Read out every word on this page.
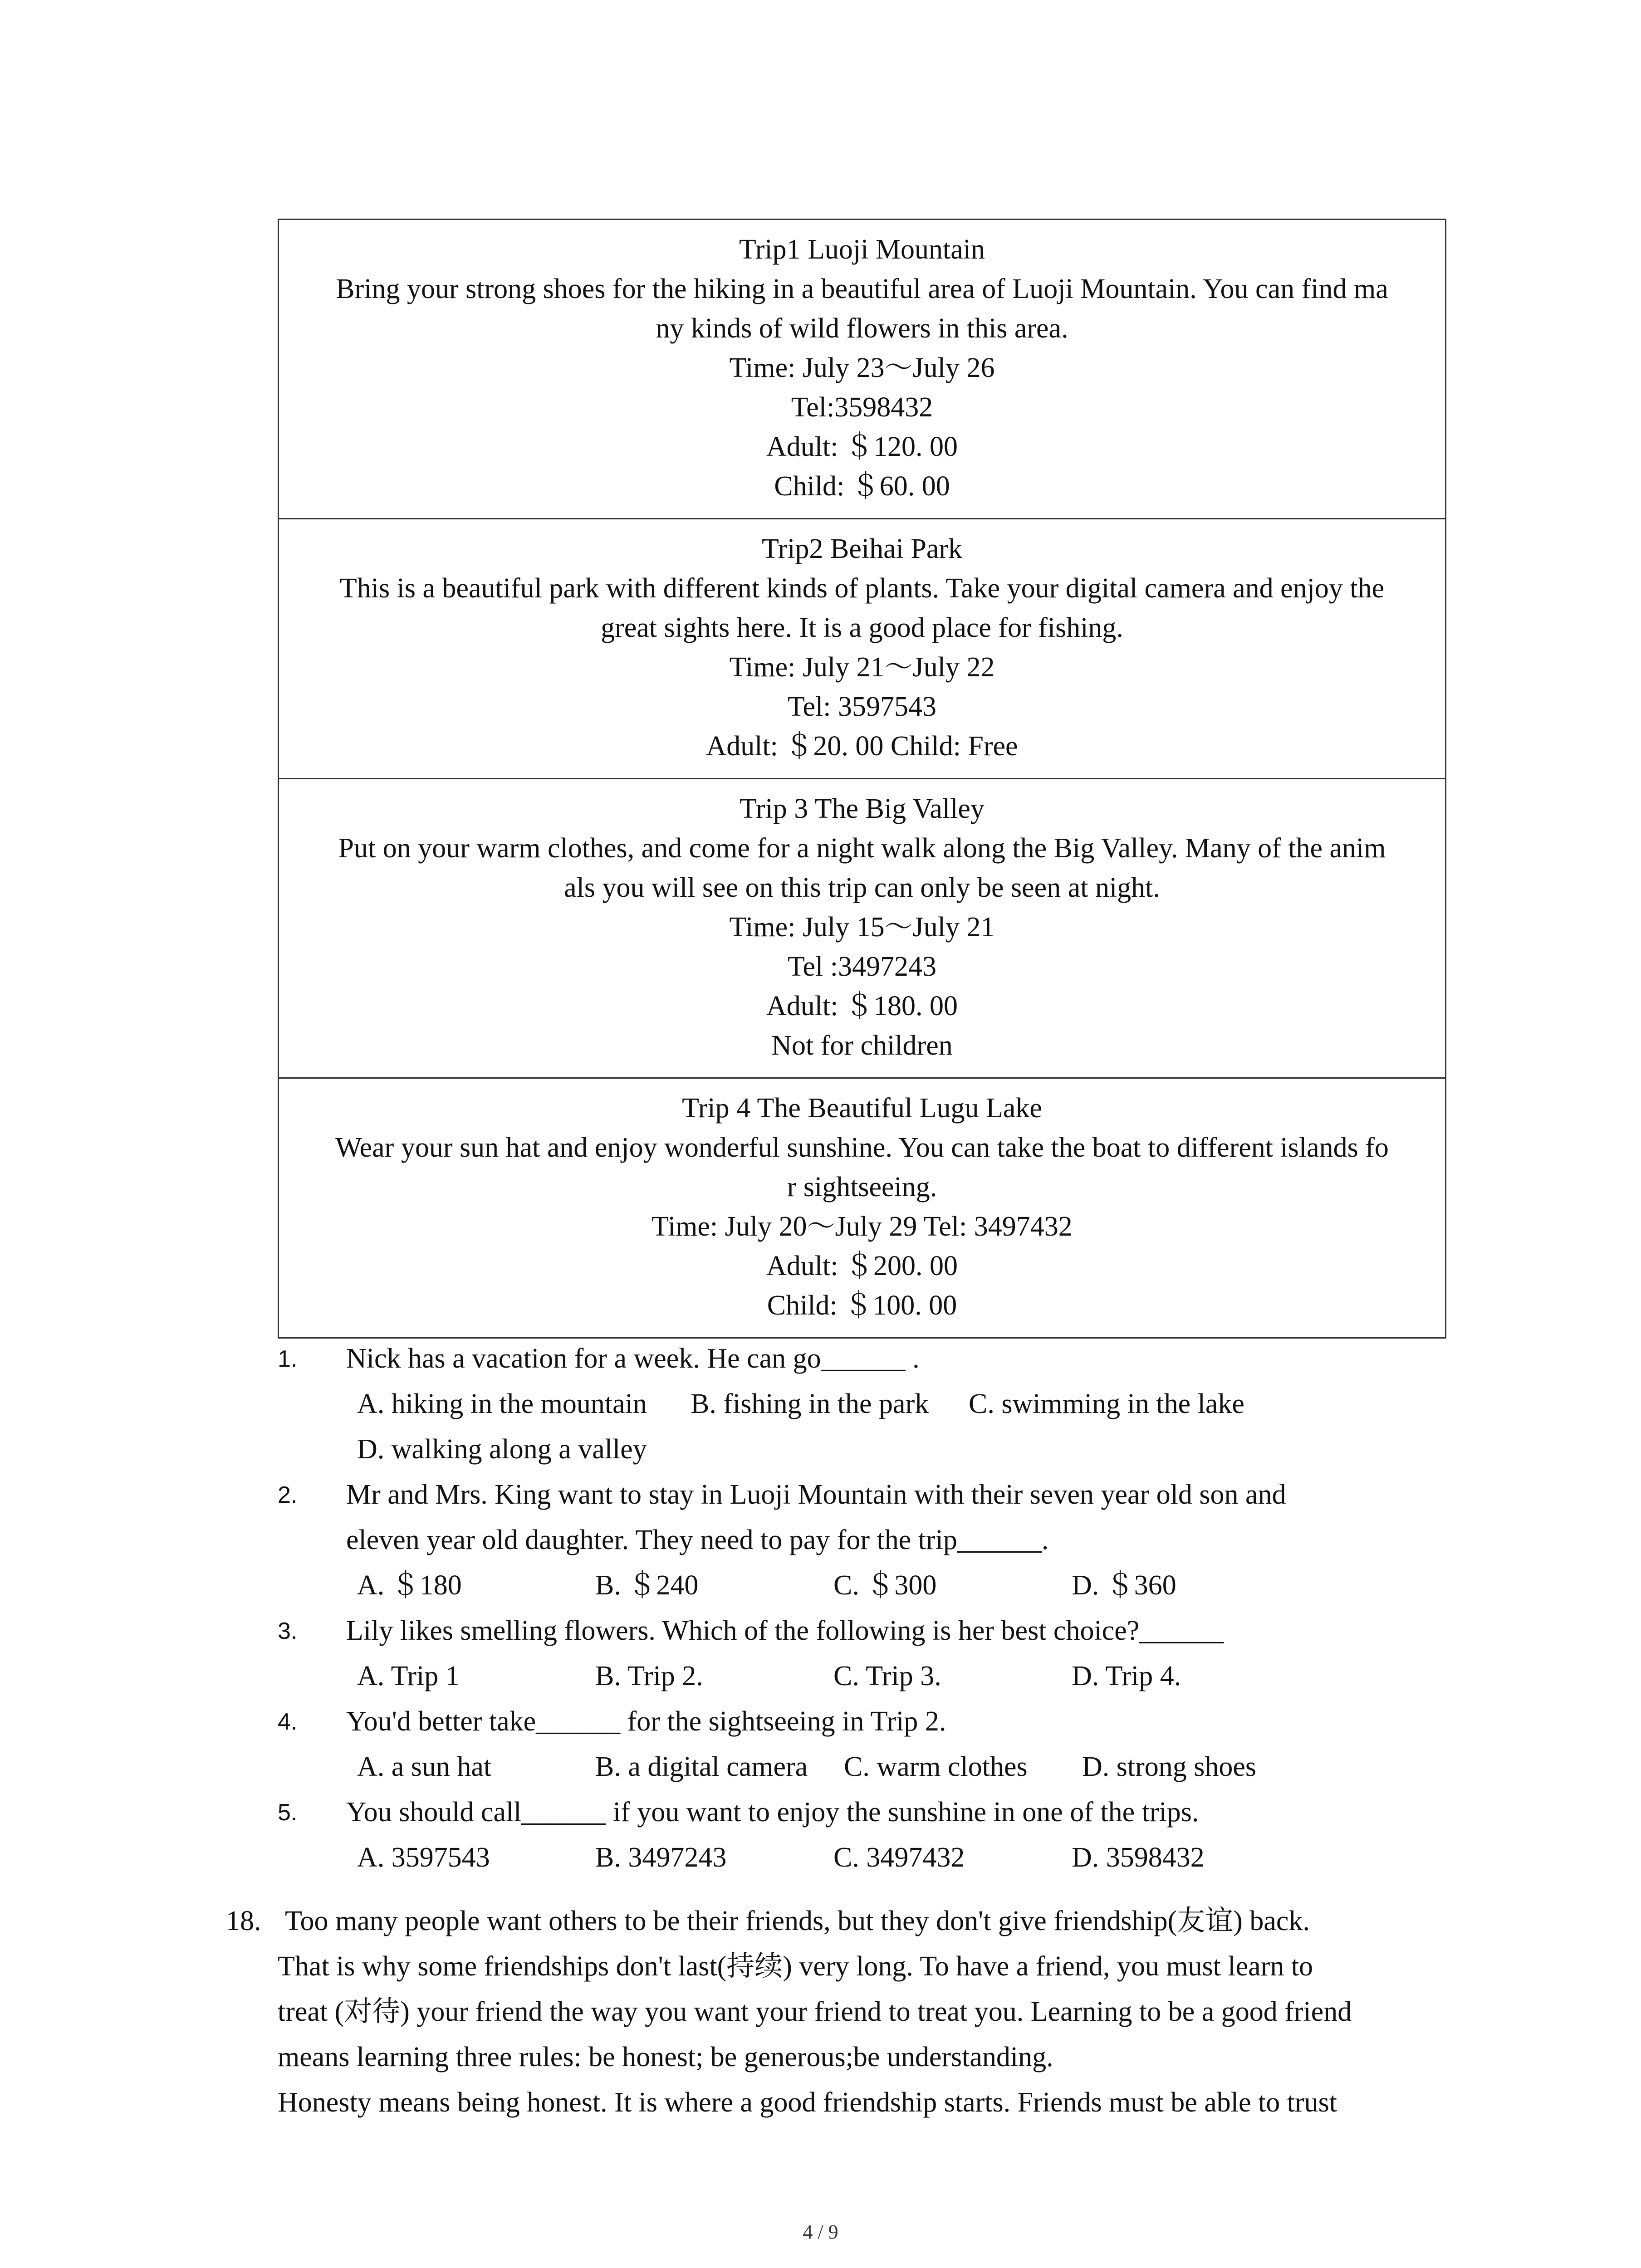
Trip1 Luoji Mountain
Bring your strong shoes for the hiking in a beautiful area of Luoji Mountain. You can find ma
ny kinds of wild flowers in this area.
Time: July 23～July 26
Tel:3598432
Adult: ＄120. 00
Child: ＄60. 00

Trip2 Beihai Park
This is a beautiful park with different kinds of plants. Take your digital camera and enjoy the
great sights here. It is a good place for fishing.
Time: July 21～July 22
Tel: 3597543
Adult: ＄20. 00 Child: Free

Trip 3 The Big Valley
Put on your warm clothes, and come for a night walk along the Big Valley. Many of the anim
als you will see on this trip can only be seen at night.
Time: July 15～July 21
Tel :3497243
Adult: ＄180. 00
Not for children

Trip 4 The Beautiful Lugu Lake
Wear your sun hat and enjoy wonderful sunshine. You can take the boat to different islands fo
r sightseeing.
Time: July 20～July 29 Tel: 3497432
Adult: ＄200. 00
Child: ＄100. 00
1. Nick has a vacation for a week. He can go______ .
A. hiking in the mountain B. fishing in the park C. swimming in the lake
D. walking along a valley
2. Mr and Mrs. King want to stay in Luoji Mountain with their seven year old son and
eleven year old daughter. They need to pay for the trip______.
A. ＄180	B. ＄240	C. ＄300	D. ＄360
3. Lily likes smelling flowers. Which of the following is her best choice?______
A. Trip 1	B. Trip 2.	C. Trip 3.	D. Trip 4.
4. You'd better take______ for the sightseeing in Trip 2.
A. a sun hat	B. a digital camera C. warm clothes D. strong shoes
5. You should call______ if you want to enjoy the sunshine in one of the trips.
A. 3597543	B. 3497243	C. 3497432	D. 3598432
18. Too many people want others to be their friends, but they don't give friendship(友谊) back.
That is why some friendships don't last(持续) very long. To have a friend, you must learn to
treat (对待) your friend the way you want your friend to treat you. Learning to be a good friend
means learning three rules: be honest; be generous;be understanding.
Honesty means being honest. It is where a good friendship starts. Friends must be able to trust
4 / 9
